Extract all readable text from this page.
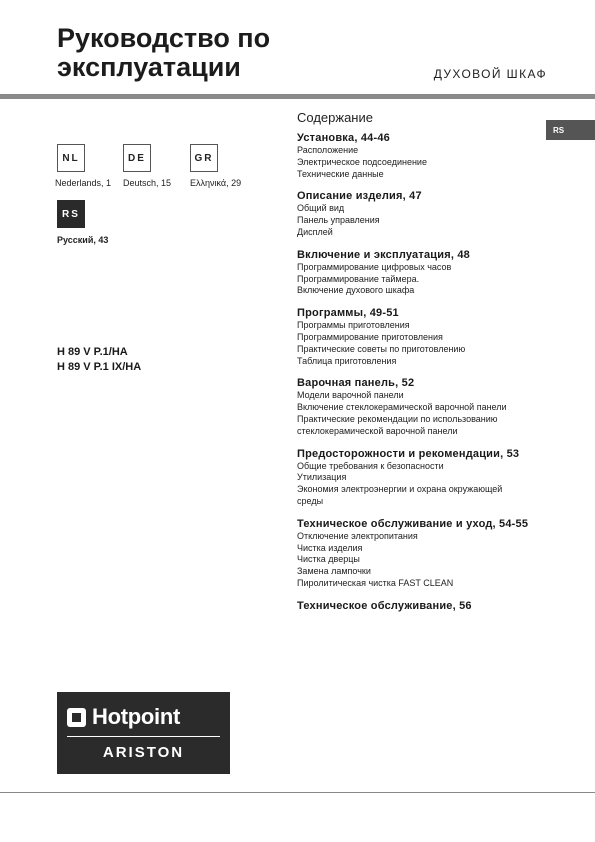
Руководство по
эксплуатации	ДУХОВОЙ ШКАФ
NL
Nederlands, 1
DE
Deutsch, 15
GR
Ελληνικά, 29
RS
Русский, 43
H 89 V P.1/HA
H 89 V P.1 IX/HA
RS
Содержание
Установка, 44-46
Расположение
Электрическое подсоединение
Технические данные
Описание изделия, 47
Общий вид
Панель управления
Дисплей
Включение и эксплуатация, 48
Программирование цифровых часов
Программирование таймера.
Включение духового шкафа
Программы, 49-51
Программы приготовления
Программирование приготовления
Практические советы по приготовлению
Таблица приготовления
Варочная панель, 52
Модели варочной панели
Включение стеклокерамической варочной панели
Практические рекомендации по использованию
стеклокерамической варочной панели
Предосторожности и рекомендации, 53
Общие требования к безопасности
Утилизация
Экономия электроэнергии и охрана окружающей
среды
Техническое обслуживание и уход, 54-55
Отключение электропитания
Чистка изделия
Чистка дверцы
Замена лампочки
Пиролитическая чистка FAST CLEAN
Техническое обслуживание, 56
Hotpoint
ARISTON
